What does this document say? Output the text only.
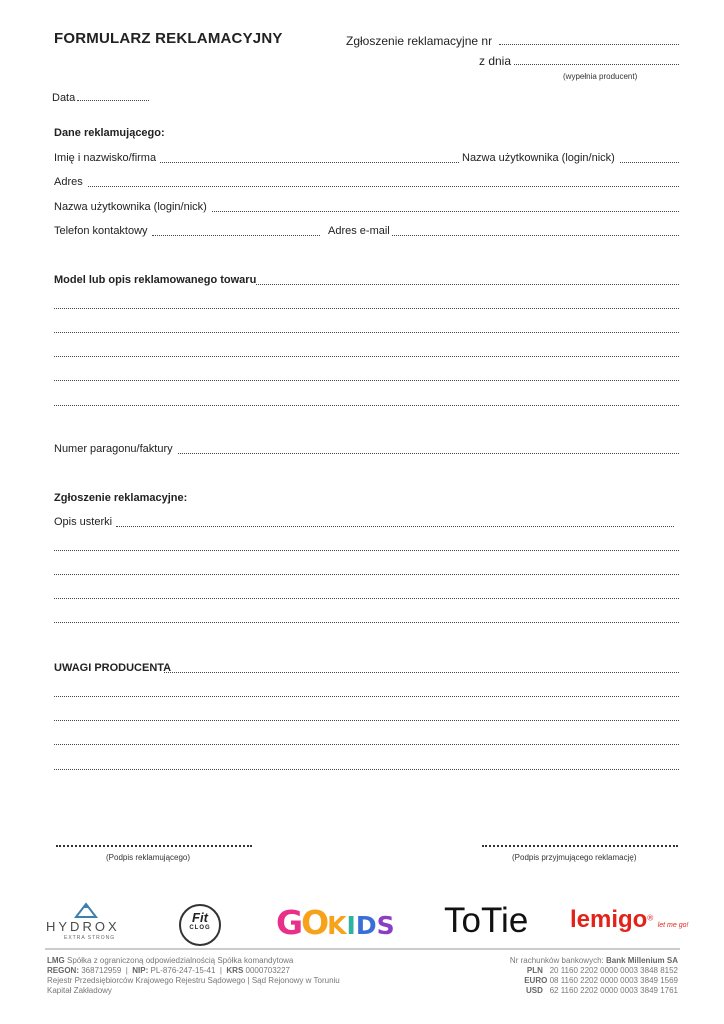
FORMULARZ REKLAMACYJNY	Zgłoszenie reklamacyjne nr
z dnia
(wypełnia producent)
Data
Dane reklamującego:
Imię i nazwisko/firma	Nazwa użytkownika (login/nick)
Adres
Nazwa użytkownika (login/nick)
Telefon kontaktowy	Adres e-mail
Model lub opis reklamowanego towaru
Numer paragonu/faktury
Zgłoszenie reklamacyjne:
Opis usterki
UWAGI PRODUCENTA
(Podpis reklamującego)	(Podpis przyjmującego reklamację)
HYDROX
EXTRA STRONG
Fit
CLOG GOKIDS ToTie lemigo® let me go!
LMG Spółka z ograniczoną odpowiedzialnością Spółka komandytowa
REGON: 368712959  |  NIP: PL-876-247-15-41  |  KRS 0000703227
Rejestr Przedsiębiorców Krajowego Rejestru Sądowego | Sąd Rejonowy w Toruniu
Kapitał Zakładowy
Nr rachunków bankowych: Bank Millenium SA
PLN 20 1160 2202 0000 0003 3848 8152
EURO 08 1160 2202 0000 0003 3849 1569
USD 62 1160 2202 0000 0003 3849 1761
